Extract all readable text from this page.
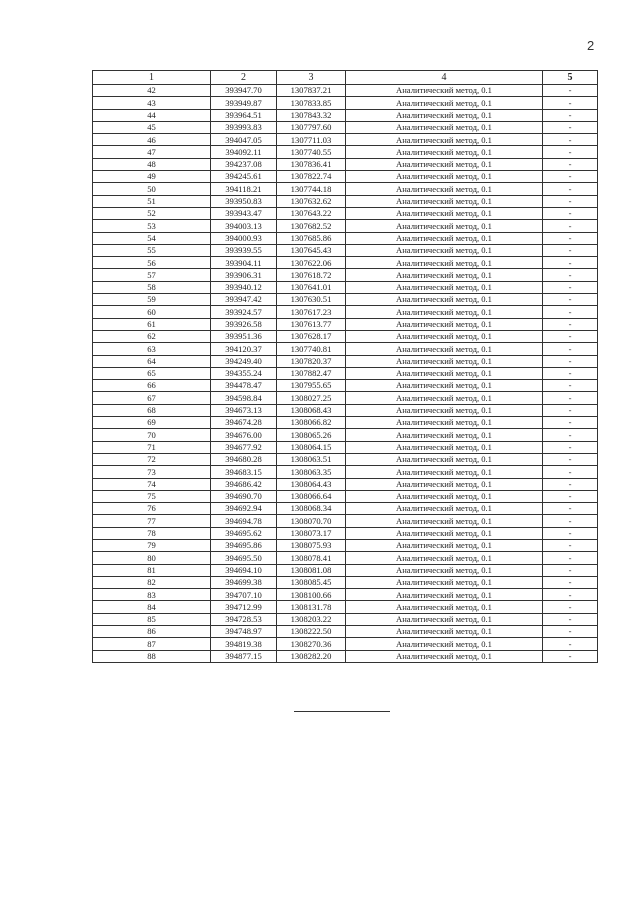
2
1	2	3	4	5
42	393947.70	1307837.21	Аналитический метод, 0.1	-
43	393949.87	1307833.85	Аналитический метод, 0.1	-
44	393964.51	1307843.32	Аналитический метод, 0.1	-
45	393993.83	1307797.60	Аналитический метод, 0.1	-
46	394047.05	1307711.03	Аналитический метод, 0.1	-
47	394092.11	1307740.55	Аналитический метод, 0.1	-
48	394237.08	1307836.41	Аналитический метод, 0.1	-
49	394245.61	1307822.74	Аналитический метод, 0.1	-
50	394118.21	1307744.18	Аналитический метод, 0.1	-
51	393950.83	1307632.62	Аналитический метод, 0.1	-
52	393943.47	1307643.22	Аналитический метод, 0.1	-
53	394003.13	1307682.52	Аналитический метод, 0.1	-
54	394000.93	1307685.86	Аналитический метод, 0.1	-
55	393939.55	1307645.43	Аналитический метод, 0.1	-
56	393904.11	1307622.06	Аналитический метод, 0.1	-
57	393906.31	1307618.72	Аналитический метод, 0.1	-
58	393940.12	1307641.01	Аналитический метод, 0.1	-
59	393947.42	1307630.51	Аналитический метод, 0.1	-
60	393924.57	1307617.23	Аналитический метод, 0.1	-
61	393926.58	1307613.77	Аналитический метод, 0.1	-
62	393951.36	1307628.17	Аналитический метод, 0.1	-
63	394120.37	1307740.81	Аналитический метод, 0.1	-
64	394249.40	1307820.37	Аналитический метод, 0.1	-
65	394355.24	1307882.47	Аналитический метод, 0.1	-
66	394478.47	1307955.65	Аналитический метод, 0.1	-
67	394598.84	1308027.25	Аналитический метод, 0.1	-
68	394673.13	1308068.43	Аналитический метод, 0.1	-
69	394674.28	1308066.82	Аналитический метод, 0.1	-
70	394676.00	1308065.26	Аналитический метод, 0.1	-
71	394677.92	1308064.15	Аналитический метод, 0.1	-
72	394680.28	1308063.51	Аналитический метод, 0.1	-
73	394683.15	1308063.35	Аналитический метод, 0.1	-
74	394686.42	1308064.43	Аналитический метод, 0.1	-
75	394690.70	1308066.64	Аналитический метод, 0.1	-
76	394692.94	1308068.34	Аналитический метод, 0.1	-
77	394694.78	1308070.70	Аналитический метод, 0.1	-
78	394695.62	1308073.17	Аналитический метод, 0.1	-
79	394695.86	1308075.93	Аналитический метод, 0.1	-
80	394695.50	1308078.41	Аналитический метод, 0.1	-
81	394694.10	1308081.08	Аналитический метод, 0.1	-
82	394699.38	1308085.45	Аналитический метод, 0.1	-
83	394707.10	1308100.66	Аналитический метод, 0.1	-
84	394712.99	1308131.78	Аналитический метод, 0.1	-
85	394728.53	1308203.22	Аналитический метод, 0.1	-
86	394748.97	1308222.50	Аналитический метод, 0.1	-
87	394819.38	1308270.36	Аналитический метод, 0.1	-
88	394877.15	1308282.20	Аналитический метод, 0.1	-
